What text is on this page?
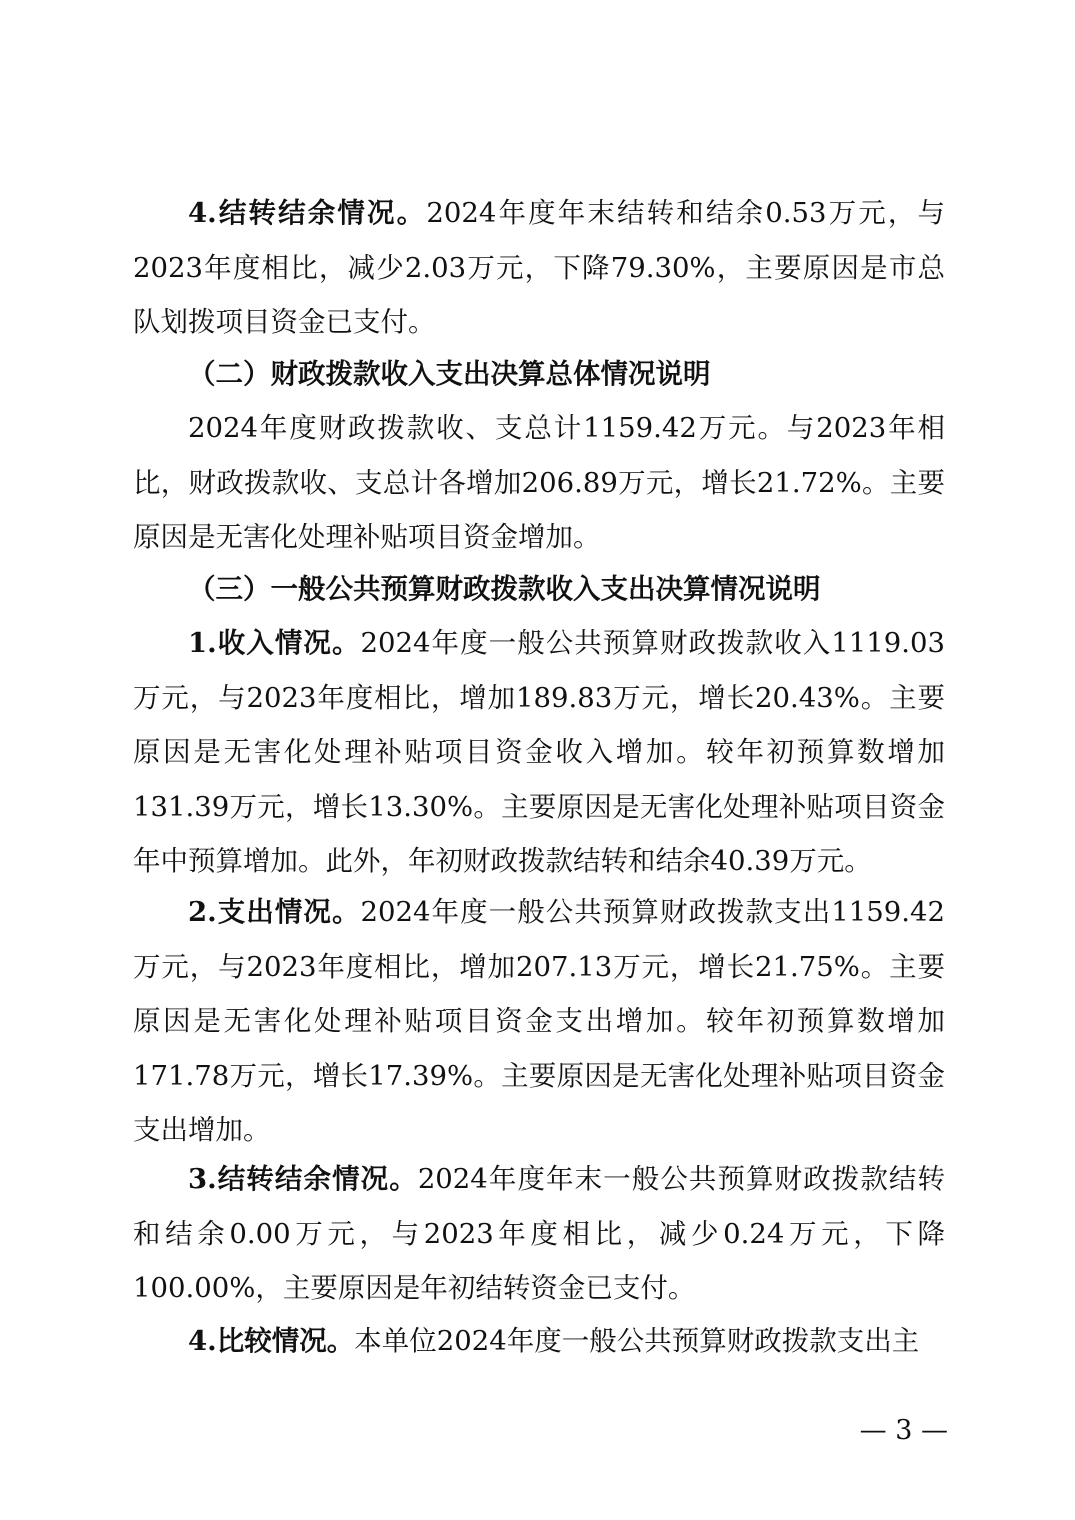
4.结转结余情况。2024年度年末结转和结余0.53万元，与2023年度相比，减少2.03万元，下降79.30%，主要原因是市总队划拨项目资金已支付。

（二）财政拨款收入支出决算总体情况说明

2024年度财政拨款收、支总计1159.42万元。与2023年相比，财政拨款收、支总计各增加206.89万元，增长21.72%。主要原因是无害化处理补贴项目资金增加。

（三）一般公共预算财政拨款收入支出决算情况说明

1.收入情况。2024年度一般公共预算财政拨款收入1119.03万元，与2023年度相比，增加189.83万元，增长20.43%。主要原因是无害化处理补贴项目资金收入增加。较年初预算数增加131.39万元，增长13.30%。主要原因是无害化处理补贴项目资金年中预算增加。此外，年初财政拨款结转和结余40.39万元。

2.支出情况。2024年度一般公共预算财政拨款支出1159.42万元，与2023年度相比，增加207.13万元，增长21.75%。主要原因是无害化处理补贴项目资金支出增加。较年初预算数增加171.78万元，增长17.39%。主要原因是无害化处理补贴项目资金支出增加。

3.结转结余情况。2024年度年末一般公共预算财政拨款结转和结余0.00万元，与2023年度相比，减少0.24万元，下降100.00%，主要原因是年初结转资金已支付。

4.比较情况。本单位2024年度一般公共预算财政拨款支出主

— 3 —
